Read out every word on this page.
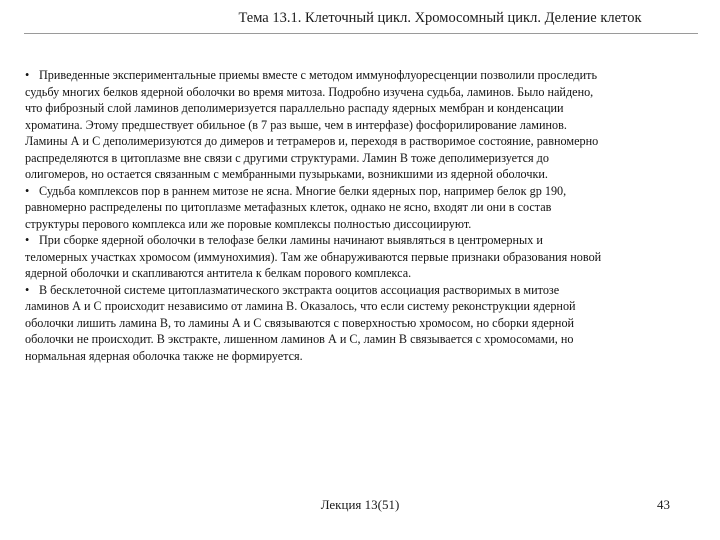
Тема 13.1. Клеточный цикл. Хромосомный цикл. Деление клеток
• Приведенные экспериментальные приемы вместе с методом иммунофлуоресценции позволили проследить
судьбу многих белков ядерной оболочки во время митоза. Подробно изучена судьба, ламинов. Было найдено,
что фиброзный слой ламинов деполимеризуется параллельно распаду ядерных мембран и конденсации
хроматина. Этому предшествует обильное (в 7 раз выше, чем в интерфазе) фосфорилирование ламинов.
Ламины А и С деполимеризуются до димеров и тетрамеров и, переходя в растворимое состояние, равномерно
распределяются в цитоплазме вне связи с другими структурами. Ламин В тоже деполимеризуется до
олигомеров, но остается связанным с мембранными пузырьками, возникшими из ядерной оболочки.
• Судьба комплексов пор в раннем митозе не ясна. Многие белки ядерных пор, например белок gp 190,
равномерно распределены по цитоплазме метафазных клеток, однако не ясно, входят ли они в состав
структуры перового комплекса или же поровые комплексы полностью диссоциируют.
• При сборке ядерной оболочки в телофазе белки ламины начинают выявляться в центромерных и
теломерных участках хромосом (иммунохимия). Там же обнаруживаются первые признаки образования новой
ядерной оболочки и скапливаются антитела к белкам порового комплекса.
• В бесклеточной системе цитоплазматического экстракта ооцитов ассоциация растворимых в митозе
ламинов А и С происходит независимо от ламина В. Оказалось, что если систему реконструкции ядерной
оболочки лишить ламина В, то ламины А и С связываются с поверхностью хромосом, но сборки ядерной
оболочки не происходит. В экстракте, лишенном ламинов А и С, ламин В связывается с хромосомами, но
нормальная ядерная оболочка также не формируется.
Лекция 13(51)	43
